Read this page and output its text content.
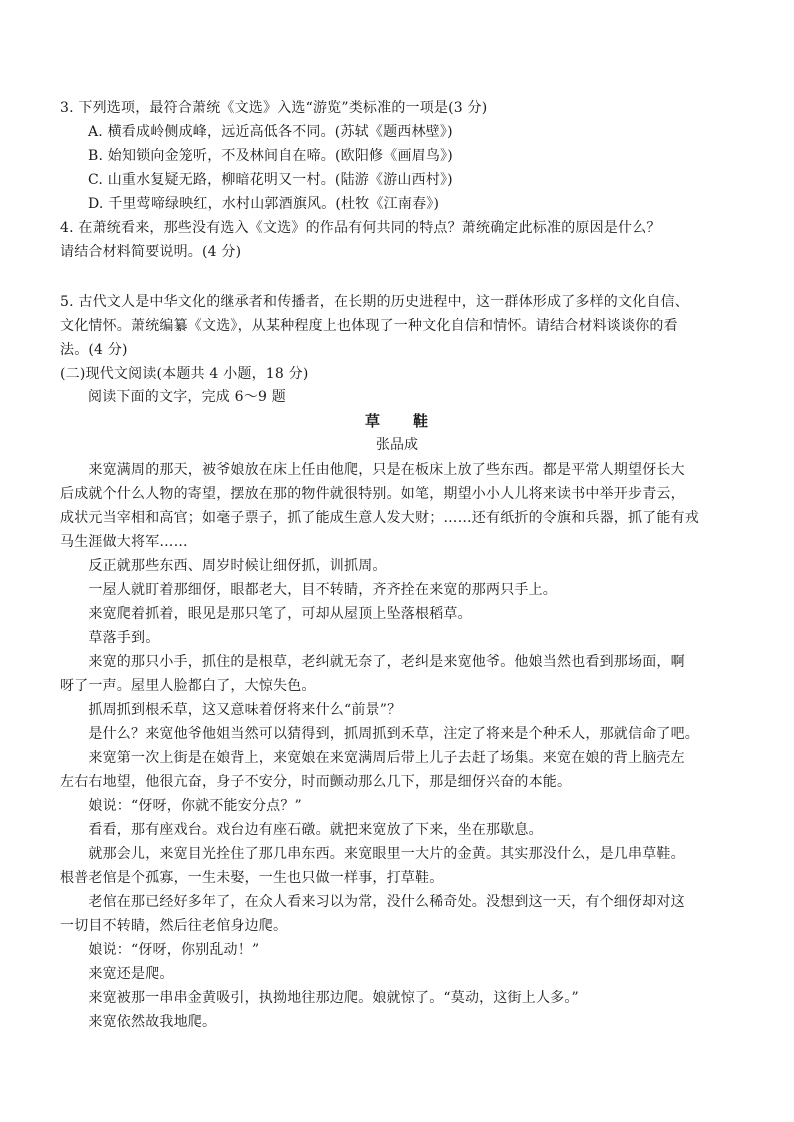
3. 下列选项，最符合萧统《文选》入选“游览”类标准的一项是(3 分)
A. 横看成岭侧成峰，远近高低各不同。(苏轼《题西林壁》)
B. 始知锁向金笼听，不及林间自在啼。(欧阳修《画眉鸟》)
C. 山重水复疑无路，柳暗花明又一村。(陆游《游山西村》)
D. 千里莺啼绿映红，水村山郭酒旗风。(杜牧《江南春》)
4. 在萧统看来，那些没有选入《文选》的作品有何共同的特点？萧统确定此标准的原因是什么？
请结合材料简要说明。(4 分)
5. 古代文人是中华文化的继承者和传播者，在长期的历史进程中，这一群体形成了多样的文化自信、
文化情怀。萧统编纂《文选》，从某种程度上也体现了一种文化自信和情怀。请结合材料谈谈你的看
法。(4 分)
(二)现代文阅读(本题共 4 小题，18 分)
阅读下面的文字，完成 6～9 题
草　　鞋
张品成
　　来宽满周的那天，被爷娘放在床上任由他爬，只是在板床上放了些东西。都是平常人期望伢长大
后成就个什么人物的寄望，摆放在那的物件就很特别。如笔，期望小小人儿将来读书中举开步青云，
成状元当宰相和高官；如毫子票子，抓了能成生意人发大财；……还有纸折的令旗和兵器，抓了能有戎
马生涯做大将军……
　　反正就那些东西、周岁时候让细伢抓，训抓周。
　　一屋人就盯着那细伢，眼都老大，目不转睛，齐齐拴在来宽的那两只手上。
　　来宽爬着抓着，眼见是那只笔了，可却从屋顶上坠落根稻草。
　　草落手到。
　　来宽的那只小手，抓住的是根草，老纠就无奈了，老纠是来宽他爷。他娘当然也看到那场面，啊
呀了一声。屋里人脸都白了，大惊失色。
　　抓周抓到根禾草，这又意味着伢将来什么“前景”？
　　是什么？来宽他爷他姐当然可以猜得到，抓周抓到禾草，注定了将来是个种禾人，那就信命了吧。
　　来宽第一次上街是在娘背上，来宽娘在来宽满周后带上儿子去赶了场集。来宽在娘的背上脑壳左
左右右地望，他很亢奋，身子不安分，时而颤动那么几下，那是细伢兴奋的本能。
　　娘说：“伢呀，你就不能安分点？”
　　看看，那有座戏台。戏台边有座石礅。就把来宽放了下来，坐在那歇息。
　　就那会儿，来宽目光拴住了那几串东西。来宽眼里一大片的金黄。其实那没什么，是几串草鞋。
根普老倌是个孤寡，一生未娶，一生也只做一样事，打草鞋。
　　老倌在那已经好多年了，在众人看来习以为常，没什么稀奇处。没想到这一天，有个细伢却对这
一切目不转睛，然后往老倌身边爬。
　　娘说：“伢呀，你别乱动！”
　　来宽还是爬。
　　来宽被那一串串金黄吸引，执拗地往那边爬。娘就惊了。“莫动，这街上人多。”
　　来宽依然故我地爬。
